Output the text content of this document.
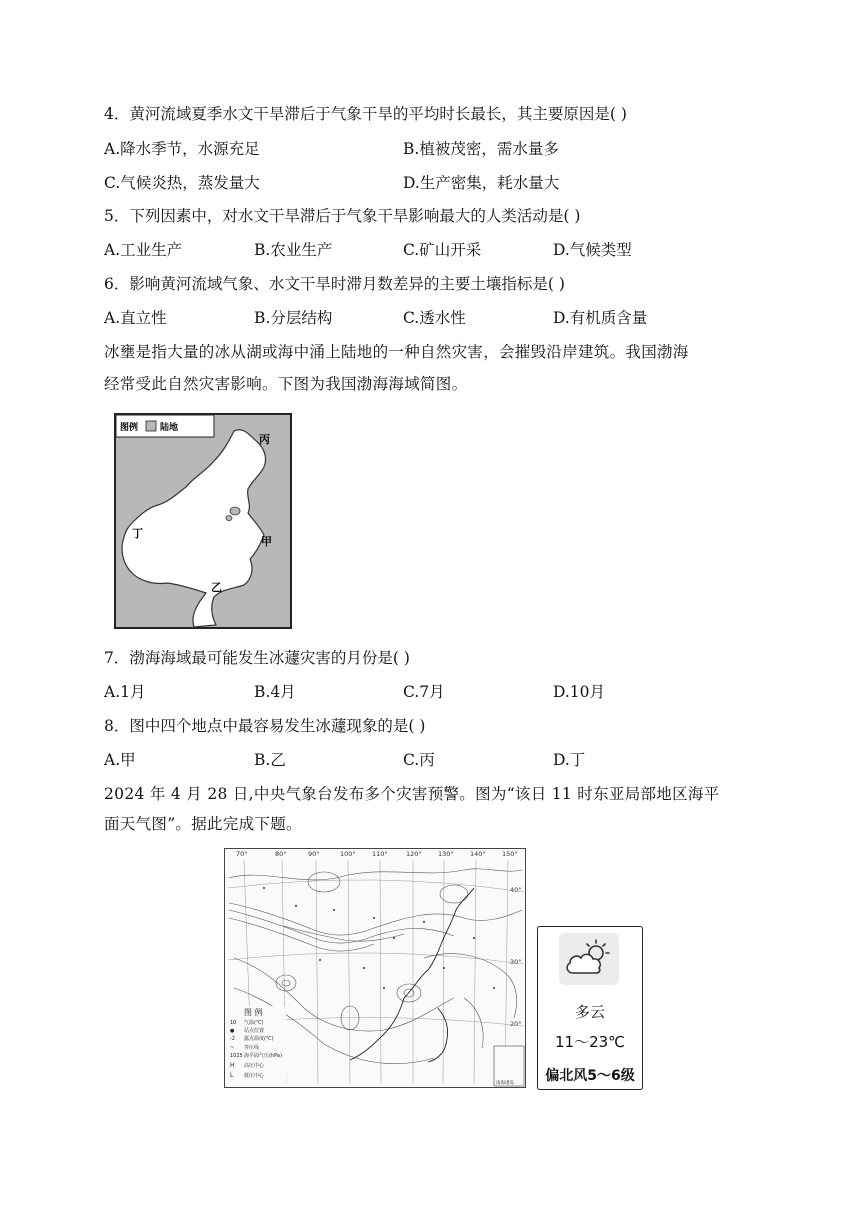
4．黄河流域夏季水文干旱滞后于气象干旱的平均时长最长，其主要原因是( )
A.降水季节，水源充足	B.植被茂密，需水量多
C.气候炎热，蒸发量大	D.生产密集，耗水量大
5．下列因素中，对水文干旱滞后于气象干旱影响最大的人类活动是( )
A.工业生产	B.农业生产	C.矿山开采	D.气候类型
6．影响黄河流域气象、水文干旱时滞月数差异的主要土壤指标是( )
A.直立性	B.分层结构	C.透水性	D.有机质含量
冰壅是指大量的冰从湖或海中涌上陆地的一种自然灾害，会摧毁沿岸建筑。我国渤海
经常受此自然灾害影响。下图为我国渤海海域简图。
图例 陆地
丙
甲
乙
丁
7．渤海海域最可能发生冰蘧灾害的月份是( )
A.1月	B.4月	C.7月	D.10月
8．图中四个地点中最容易发生冰蘧现象的是( )
A.甲	B.乙	C.丙	D.丁
2024 年 4 月 28 日,中央气象台发布多个灾害预警。图为“该日 11 时东亚局部地区海平
面天气图”。据此完成下题。
70°	80°	90°	100°	110°	120°	130°	140°	150°
40°
30°
20°
图 例
10 气温(℃)
● 站点位置
-2 露点温度(℃)
~ 等压线
1025 海平面气压(hPa)
H 高压中心
L 低压中心
南海诸岛
多云
11～23℃
偏北风5～6级
